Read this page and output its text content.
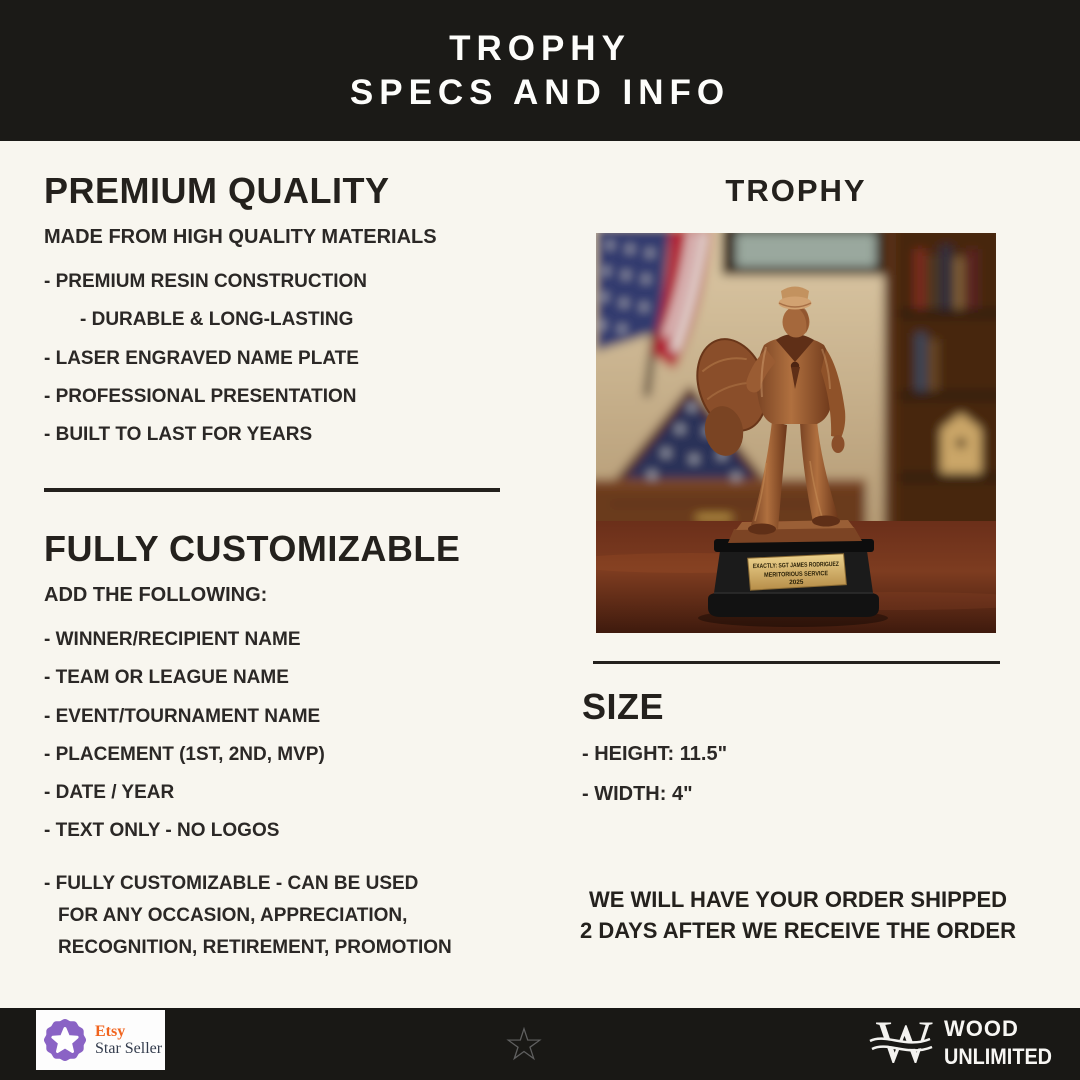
TROPHY
SPECS AND INFO
PREMIUM QUALITY
MADE FROM HIGH QUALITY MATERIALS
- PREMIUM RESIN CONSTRUCTION
- DURABLE & LONG-LASTING
- LASER ENGRAVED NAME PLATE
- PROFESSIONAL PRESENTATION
- BUILT TO LAST FOR YEARS
FULLY CUSTOMIZABLE
ADD THE FOLLOWING:
- WINNER/RECIPIENT NAME
- TEAM OR LEAGUE NAME
- EVENT/TOURNAMENT NAME
- PLACEMENT (1ST, 2ND, MVP)
- DATE / YEAR
- TEXT ONLY - NO LOGOS
- FULLY CUSTOMIZABLE - CAN BE USED
FOR ANY OCCASION, APPRECIATION,
RECOGNITION, RETIREMENT, PROMOTION
TROPHY
EXACTLY: SGT JAMES RODRIGUEZ
MERITORIOUS SERVICE
2025
SIZE
- HEIGHT: 11.5"
- WIDTH: 4"
WE WILL HAVE YOUR ORDER SHIPPED
2 DAYS AFTER WE RECEIVE THE ORDER
Etsy
Star Seller	☆	W WOOD
UNLIMITED
